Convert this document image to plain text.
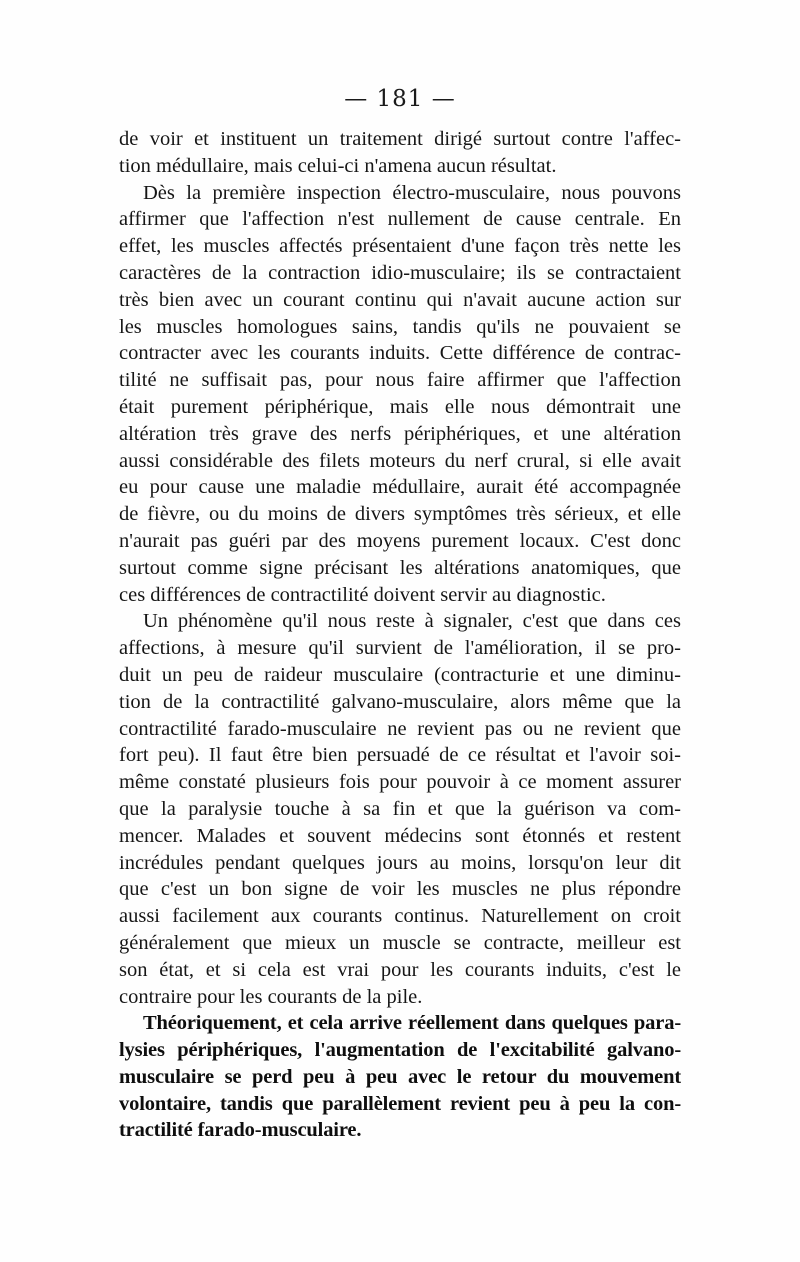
— 181 —
de voir et instituent un traitement dirigé surtout contre l'affec-
tion médullaire, mais celui-ci n'amena aucun résultat.
Dès la première inspection électro-musculaire, nous pouvons
affirmer que l'affection n'est nullement de cause centrale. En
effet, les muscles affectés présentaient d'une façon très nette les
caractères de la contraction idio-musculaire; ils se contractaient
très bien avec un courant continu qui n'avait aucune action sur
les muscles homologues sains, tandis qu'ils ne pouvaient se
contracter avec les courants induits. Cette différence de contrac-
tilité ne suffisait pas, pour nous faire affirmer que l'affection
était purement périphérique, mais elle nous démontrait une
altération très grave des nerfs périphériques, et une altération
aussi considérable des filets moteurs du nerf crural, si elle avait
eu pour cause une maladie médullaire, aurait été accompagnée
de fièvre, ou du moins de divers symptômes très sérieux, et elle
n'aurait pas guéri par des moyens purement locaux. C'est donc
surtout comme signe précisant les altérations anatomiques, que
ces différences de contractilité doivent servir au diagnostic.
Un phénomène qu'il nous reste à signaler, c'est que dans ces
affections, à mesure qu'il survient de l'amélioration, il se pro-
duit un peu de raideur musculaire (contracturie et une diminu-
tion de la contractilité galvano-musculaire, alors même que la
contractilité farado-musculaire ne revient pas ou ne revient que
fort peu). Il faut être bien persuadé de ce résultat et l'avoir soi-
même constaté plusieurs fois pour pouvoir à ce moment assurer
que la paralysie touche à sa fin et que la guérison va com-
mencer. Malades et souvent médecins sont étonnés et restent
incrédules pendant quelques jours au moins, lorsqu'on leur dit
que c'est un bon signe de voir les muscles ne plus répondre
aussi facilement aux courants continus. Naturellement on croit
généralement que mieux un muscle se contracte, meilleur est
son état, et si cela est vrai pour les courants induits, c'est le
contraire pour les courants de la pile.
Théoriquement, et cela arrive réellement dans quelques para-
lysies périphériques, l'augmentation de l'excitabilité galvano-
musculaire se perd peu à peu avec le retour du mouvement
volontaire, tandis que parallèlement revient peu à peu la con-
tractilité farado-musculaire.
